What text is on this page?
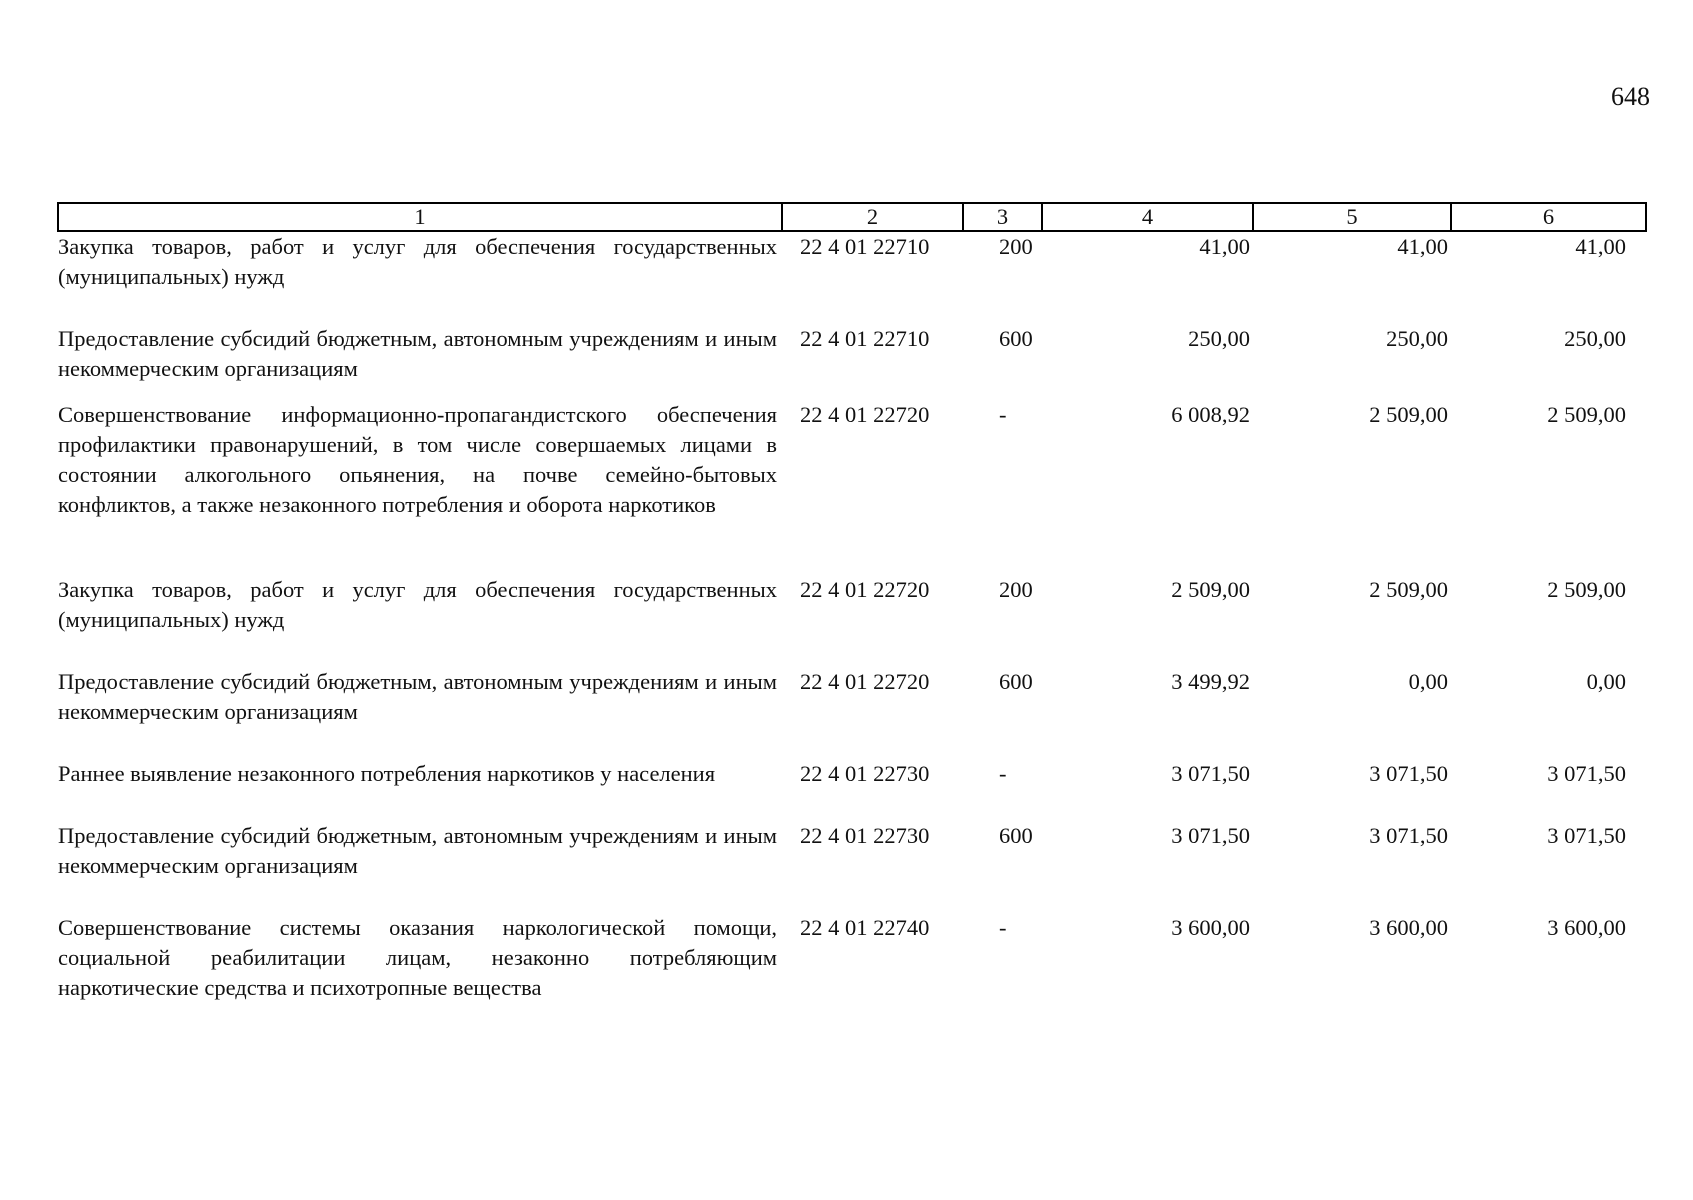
648
1	2	3	4	5	6
Закупка товаров, работ и услуг для обеспечения государственных (муниципальных) нужд	22 4 01 22710	200	41,00	41,00	41,00
Предоставление субсидий бюджетным, автономным учреждениям и иным некоммерческим организациям	22 4 01 22710	600	250,00	250,00	250,00
Совершенствование информационно-пропагандистского обеспечения профилактики правонарушений, в том числе совершаемых лицами в состоянии алкогольного опьянения, на почве семейно-бытовых конфликтов, а также незаконного потребления и оборота наркотиков	22 4 01 22720	-	6 008,92	2 509,00	2 509,00
Закупка товаров, работ и услуг для обеспечения государственных (муниципальных) нужд	22 4 01 22720	200	2 509,00	2 509,00	2 509,00
Предоставление субсидий бюджетным, автономным учреждениям и иным некоммерческим организациям	22 4 01 22720	600	3 499,92	0,00	0,00
Раннее выявление незаконного потребления наркотиков у населения	22 4 01 22730	-	3 071,50	3 071,50	3 071,50
Предоставление субсидий бюджетным, автономным учреждениям и иным некоммерческим организациям	22 4 01 22730	600	3 071,50	3 071,50	3 071,50
Совершенствование системы оказания наркологической помощи, социальной реабилитации лицам, незаконно потребляющим наркотические средства и психотропные вещества	22 4 01 22740	-	3 600,00	3 600,00	3 600,00
